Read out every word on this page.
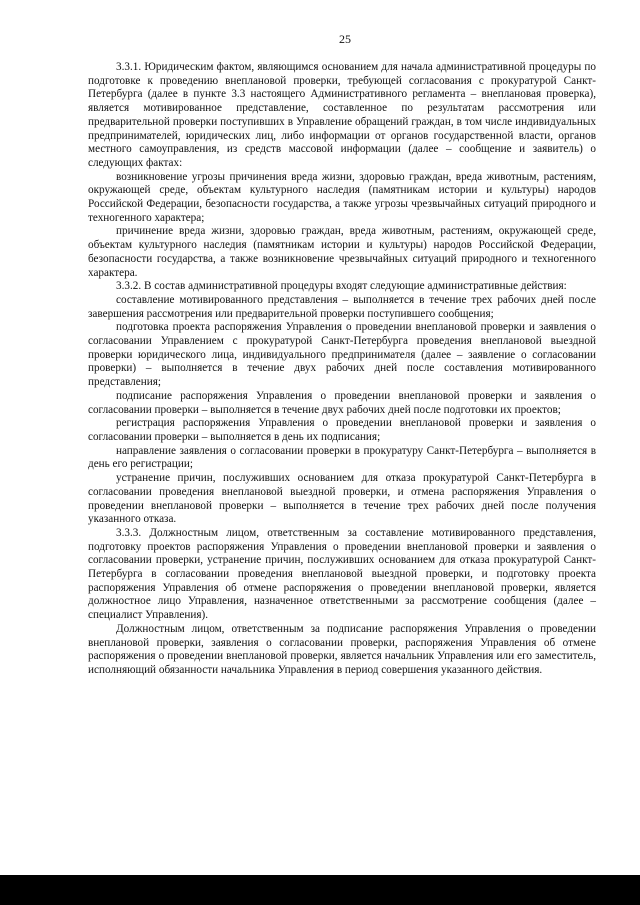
25

3.3.1. Юридическим фактом, являющимся основанием для начала административной процедуры по подготовке к проведению внеплановой проверки, требующей согласования с прокуратурой Санкт-Петербурга (далее в пункте 3.3 настоящего Административного регламента – внеплановая проверка), является мотивированное представление, составленное по результатам рассмотрения или предварительной проверки поступивших в Управление обращений граждан, в том числе индивидуальных предпринимателей, юридических лиц, либо информации от органов государственной власти, органов местного самоуправления, из средств массовой информации (далее – сообщение и заявитель) о следующих фактах:

возникновение угрозы причинения вреда жизни, здоровью граждан, вреда животным, растениям, окружающей среде, объектам культурного наследия (памятникам истории и культуры) народов Российской Федерации, безопасности государства, а также угрозы чрезвычайных ситуаций природного и техногенного характера;

причинение вреда жизни, здоровью граждан, вреда животным, растениям, окружающей среде, объектам культурного наследия (памятникам истории и культуры) народов Российской Федерации, безопасности государства, а также возникновение чрезвычайных ситуаций природного и техногенного характера.

3.3.2. В состав административной процедуры входят следующие административные действия:

составление мотивированного представления – выполняется в течение трех рабочих дней после завершения рассмотрения или предварительной проверки поступившего сообщения;

подготовка проекта распоряжения Управления о проведении внеплановой проверки и заявления о согласовании Управлением с прокуратурой Санкт-Петербурга проведения внеплановой выездной проверки юридического лица, индивидуального предпринимателя (далее – заявление о согласовании проверки) – выполняется в течение двух рабочих дней после составления мотивированного представления;

подписание распоряжения Управления о проведении внеплановой проверки и заявления о согласовании проверки – выполняется в течение двух рабочих дней после подготовки их проектов;

регистрация распоряжения Управления о проведении внеплановой проверки и заявления о согласовании проверки – выполняется в день их подписания;

направление заявления о согласовании проверки в прокуратуру Санкт-Петербурга – выполняется в день его регистрации;

устранение причин, послуживших основанием для отказа прокуратурой Санкт-Петербурга в согласовании проведения внеплановой выездной проверки, и отмена распоряжения Управления о проведении внеплановой проверки – выполняется в течение трех рабочих дней после получения указанного отказа.

3.3.3. Должностным лицом, ответственным за составление мотивированного представления, подготовку проектов распоряжения Управления о проведении внеплановой проверки и заявления о согласовании проверки, устранение причин, послуживших основанием для отказа прокуратурой Санкт-Петербурга в согласовании проведения внеплановой выездной проверки, и подготовку проекта распоряжения Управления об отмене распоряжения о проведении внеплановой проверки, является должностное лицо Управления, назначенное ответственными за рассмотрение сообщения (далее – специалист Управления).

Должностным лицом, ответственным за подписание распоряжения Управления о проведении внеплановой проверки, заявления о согласовании проверки, распоряжения Управления об отмене распоряжения о проведении внеплановой проверки, является начальник Управления или его заместитель, исполняющий обязанности начальника Управления в период совершения указанного действия.
